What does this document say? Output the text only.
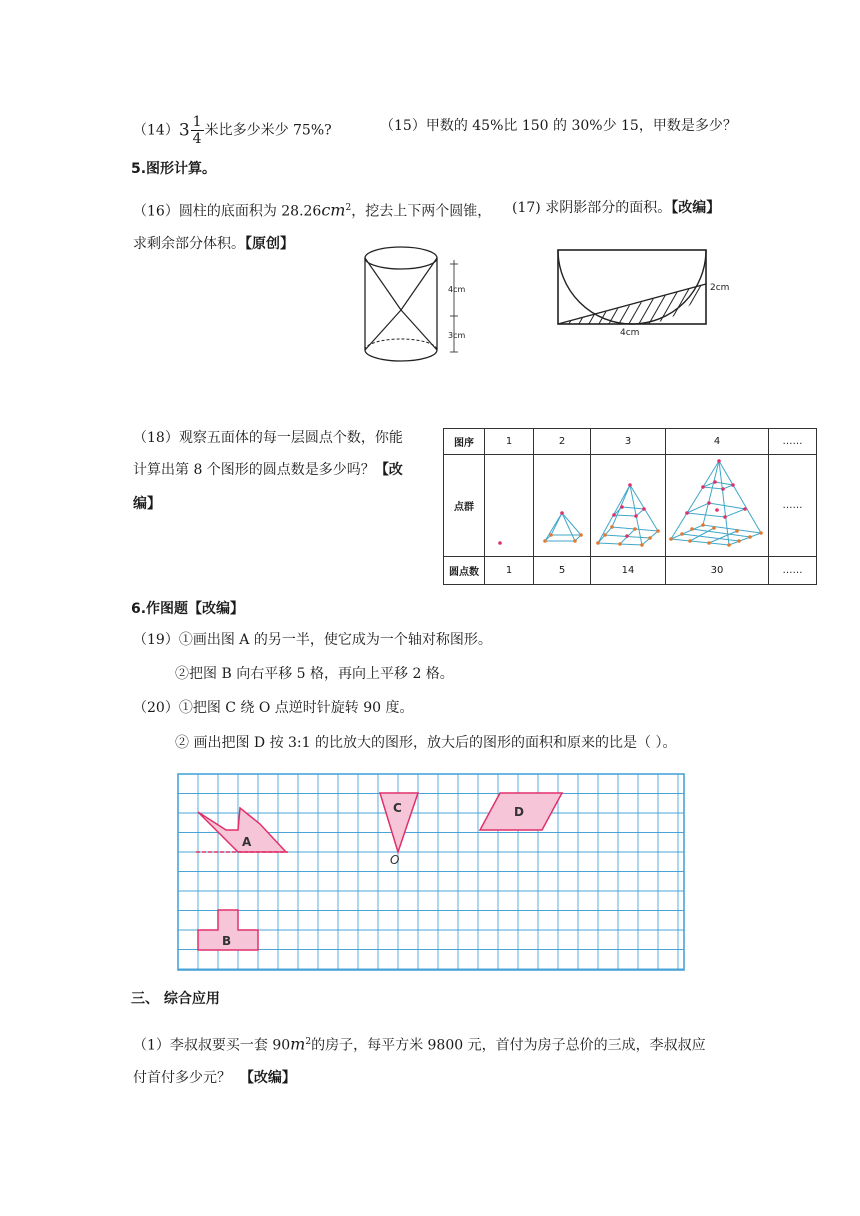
$(14)3 \frac{1}{4}$ 米比多少米少 75%?	（15）甲数的 45%比 150 的 30%少 15，甲数是多少？
5.图形计算。
（16）圆柱的底面积为 $28.26cm^2$，挖去上下两个圆锥，
求剩余部分体积。【原创】
(17) 求阴影部分的面积。【改编】
4cm
3cm
2cm
4cm
（18）观察五面体的每一层圆点个数，你能
计算出第 8 个图形的圆点数是多少吗？【改
编】
图序	1	2	3	4	……
点群					……
圆点数	1	5	14	30	……
6.作图题【改编】
（19）①画出图 A 的另一半，使它成为一个轴对称图形。
②把图 B 向右平移 5 格，再向上平移 2 格。
（20）①把图 C 绕 O 点逆时针旋转 90 度。
② 画出把图 D 按 3:1 的比放大的图形，放大后的图形的面积和原来的比是（ ）。
A
C
O
D
B
三、 综合应用
（1）李叔叔要买一套 $90m^2$的房子，每平方米 9800 元，首付为房子总价的三成，李叔叔应
付首付多少元？ 【改编】
